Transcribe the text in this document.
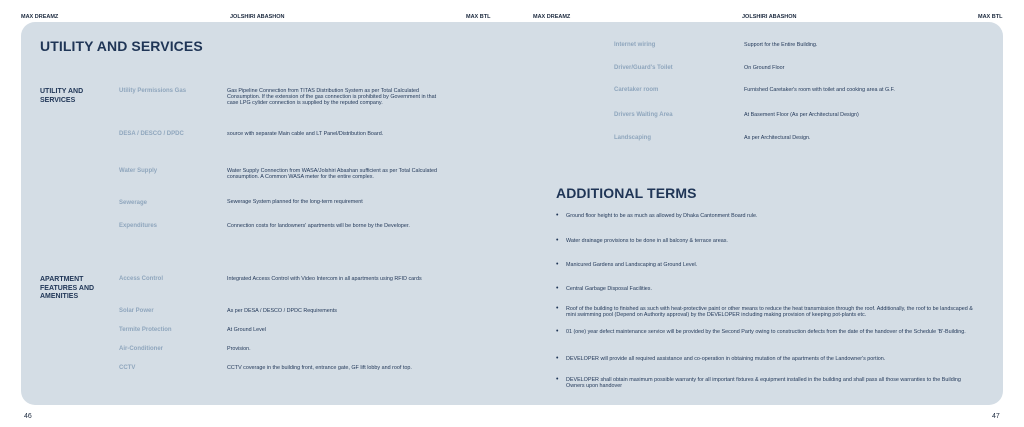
MAX DREAMZ	JOLSHIRI ABASHON	MAX BTL	MAX DREAMZ	JOLSHIRI ABASHON	MAX BTL
UTILITY AND SERVICES
UTILITY AND SERVICES
APARTMENT FEATURES AND AMENITIES
Utility Permissions Gas	Gas Pipeline Connection from TITAS Distribution System as per Total Calculated Consumption. If the extension of the gas connection is prohibited by Government in that case LPG cylider connection is supplied by the reputed company.
DESA / DESCO / DPDC	source with separate Main cable and LT Panel/Distribution Board.
Water Supply	Water Supply Connection from WASA/Jolshiri Abashan sufficient as per Total Calculated consumption. A Common WASA meter for the entire complex.
Sewerage	Sewerage System planned for the long-term requirement
Expenditures	Connection costs for landowners' apartments will be borne by the Developer.
Access Control	Integrated Access Control with Video Intercom in all apartments using RFID cards
Solar Power	As per DESA / DESCO / DPDC Requirements
Termite Protection	At Ground Level
Air-Conditioner	Provision.
CCTV	CCTV coverage in the building front, entrance gate, GF lift lobby and roof top.
Internet wiring	Support for the Entire Building.
Driver/Guard's Toilet	On Ground Floor
Caretaker room	Furnished Caretaker's room with toilet and cooking area at G.F.
Drivers Waiting Area	At Basement Floor (As per Architectural Design)
Landscaping	As per Architectural Design.
ADDITIONAL TERMS
• Ground floor height to be as much as allowed by Dhaka Cantonment Board rule.
• Water drainage provisions to be done in all balcony & terrace areas.
• Manicured Gardens and Landscaping at Ground Level.
• Central Garbage Disposal Facilities.
• Roof of the building to finished as such with heat-protective paint or other means to reduce the heat transmission through the roof. Additionally, the roof to be landscaped & mini swimming pool (Depend on Authority approval) by the DEVELOPER including making provision of keeping pot-plants etc.
• 01 (one) year defect maintenance service will be provided by the Second Party owing to construction defects from the date of the handover of the Schedule 'B'-Building.
• DEVELOPER will provide all required assistance and co-operation in obtaining mutation of the apartments of the Landowner's portion.
• DEVELOPER shall obtain maximum possible warranty for all important fixtures & equipment installed in the building and shall pass all those warranties to the Building Owners upon handover
46	47
